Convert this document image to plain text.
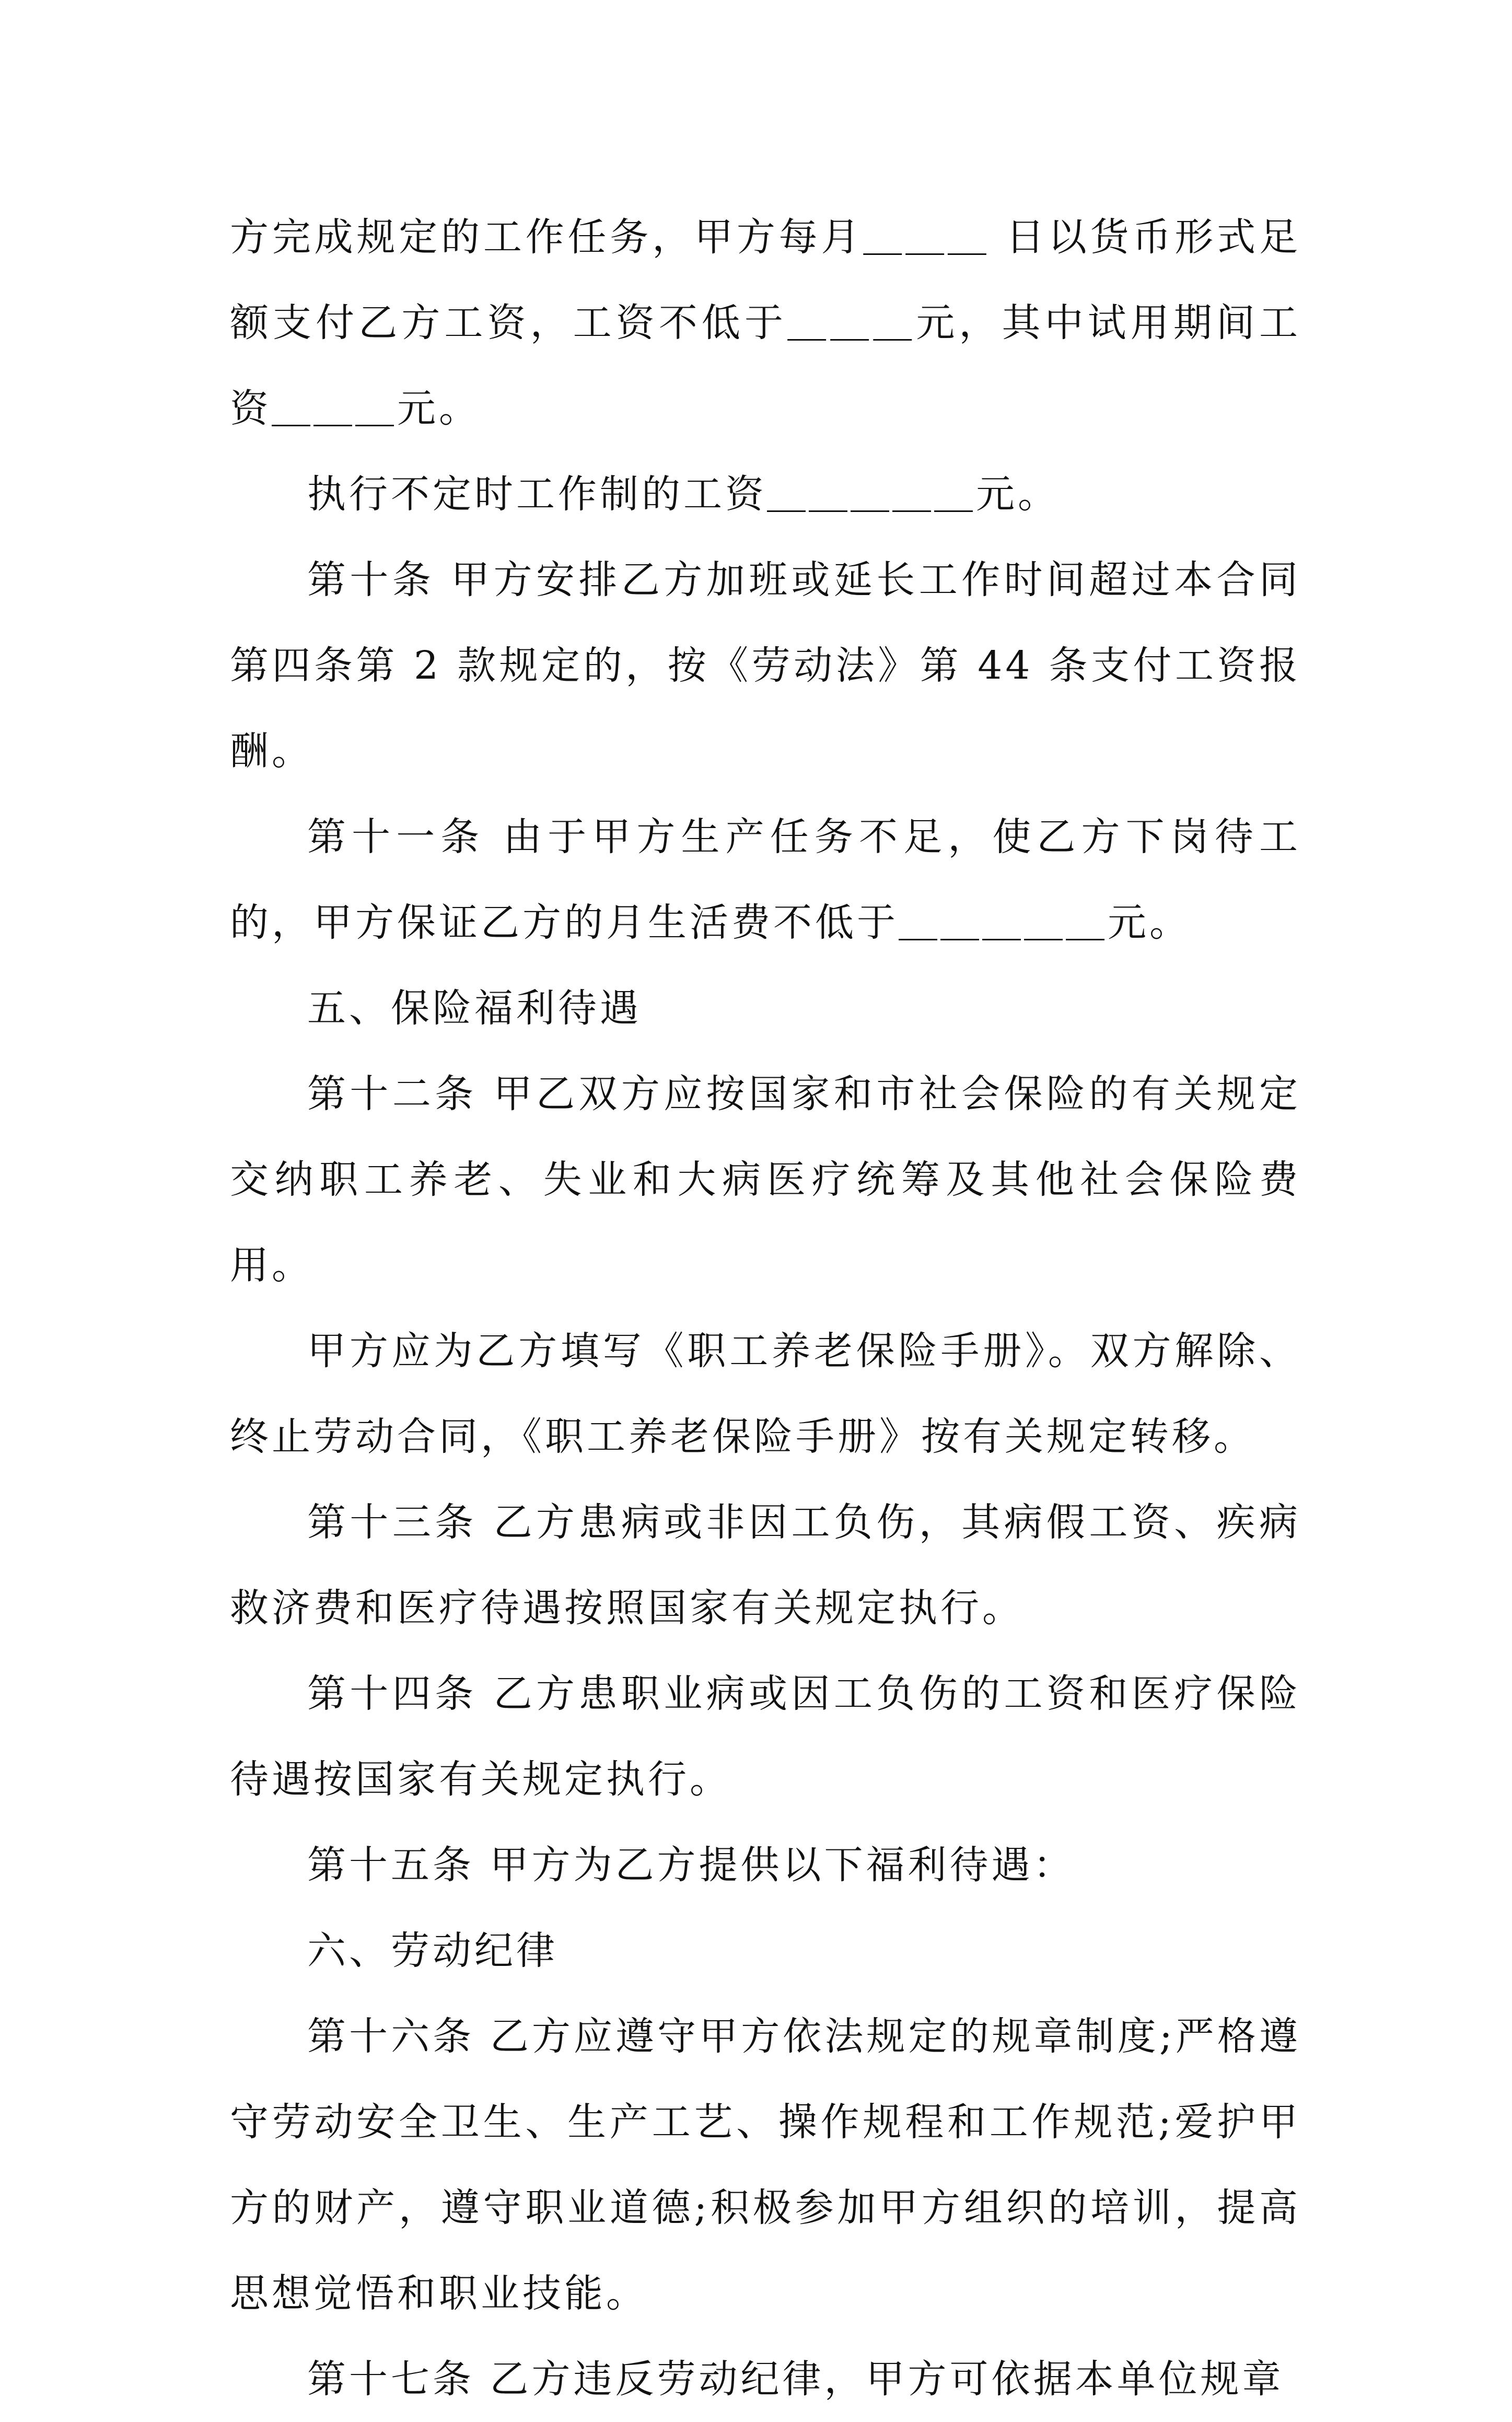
方完成规定的工作任务，甲方每月＿＿＿ 日以货币形式足额支付乙方工资，工资不低于＿＿＿元，其中试用期间工资＿＿＿元。

执行不定时工作制的工资＿＿＿＿＿元。

第十条 甲方安排乙方加班或延长工作时间超过本合同第四条第 2 款规定的，按《劳动法》第 44 条支付工资报酬。

第十一条 由于甲方生产任务不足，使乙方下岗待工的，甲方保证乙方的月生活费不低于＿＿＿＿＿元。

五、保险福利待遇

第十二条 甲乙双方应按国家和市社会保险的有关规定交纳职工养老、失业和大病医疗统筹及其他社会保险费用。

甲方应为乙方填写《职工养老保险手册》。双方解除、终止劳动合同，《职工养老保险手册》按有关规定转移。

第十三条 乙方患病或非因工负伤，其病假工资、疾病救济费和医疗待遇按照国家有关规定执行。

第十四条 乙方患职业病或因工负伤的工资和医疗保险待遇按国家有关规定执行。

第十五条 甲方为乙方提供以下福利待遇：

六、劳动纪律

第十六条 乙方应遵守甲方依法规定的规章制度;严格遵守劳动安全卫生、生产工艺、操作规程和工作规范;爱护甲方的财产，遵守职业道德;积极参加甲方组织的培训，提高思想觉悟和职业技能。

第十七条 乙方违反劳动纪律，甲方可依据本单位规章
